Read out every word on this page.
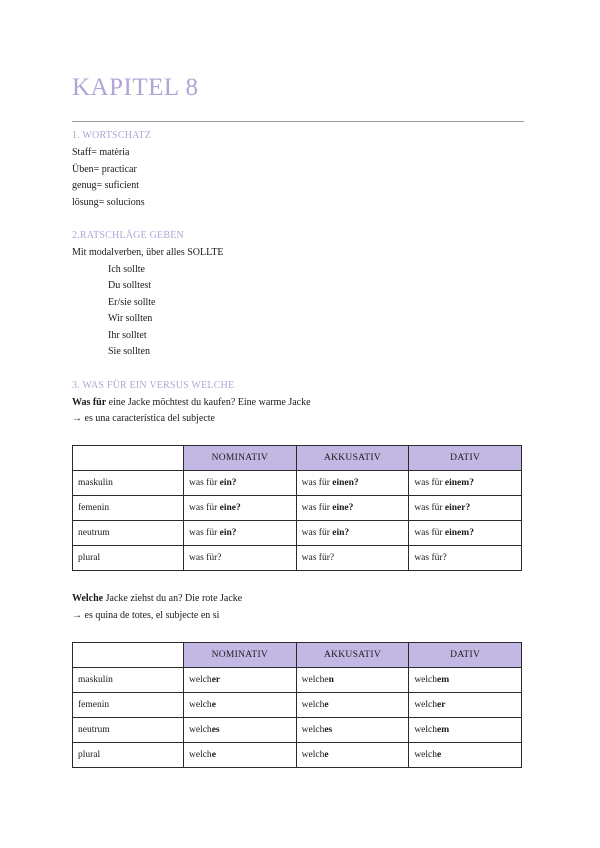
KAPITEL 8
1. WORTSCHATZ
Staff= matèria
Üben= practicar
genug= suficient
lösung= solucions
2.RATSCHLÄGE GEBEN
Mit modalverben, über alles SOLLTE
Ich sollte
Du solltest
Er/sie sollte
Wir sollten
Ihr solltet
Sie sollten
3. WAS FÜR EIN VERSUS WELCHE
Was für eine Jacke möchtest du kaufen? Eine warme Jacke
→ es una característica del subjecte
	NOMINATIV	AKKUSATIV	DATIV
maskulin	was für ein?	was für einen?	was für einem?
femenin	was für eine?	was für eine?	was für einer?
neutrum	was für ein?	was für ein?	was für einem?
plural	was für?	was für?	was für?
Welche Jacke ziehst du an? Die rote Jacke
→ es quina de totes, el subjecte en si
	NOMINATIV	AKKUSATIV	DATIV
maskulin	welcher	welchen	welchem
femenin	welche	welche	welcher
neutrum	welches	welches	welchem
plural	welche	welche	welche
